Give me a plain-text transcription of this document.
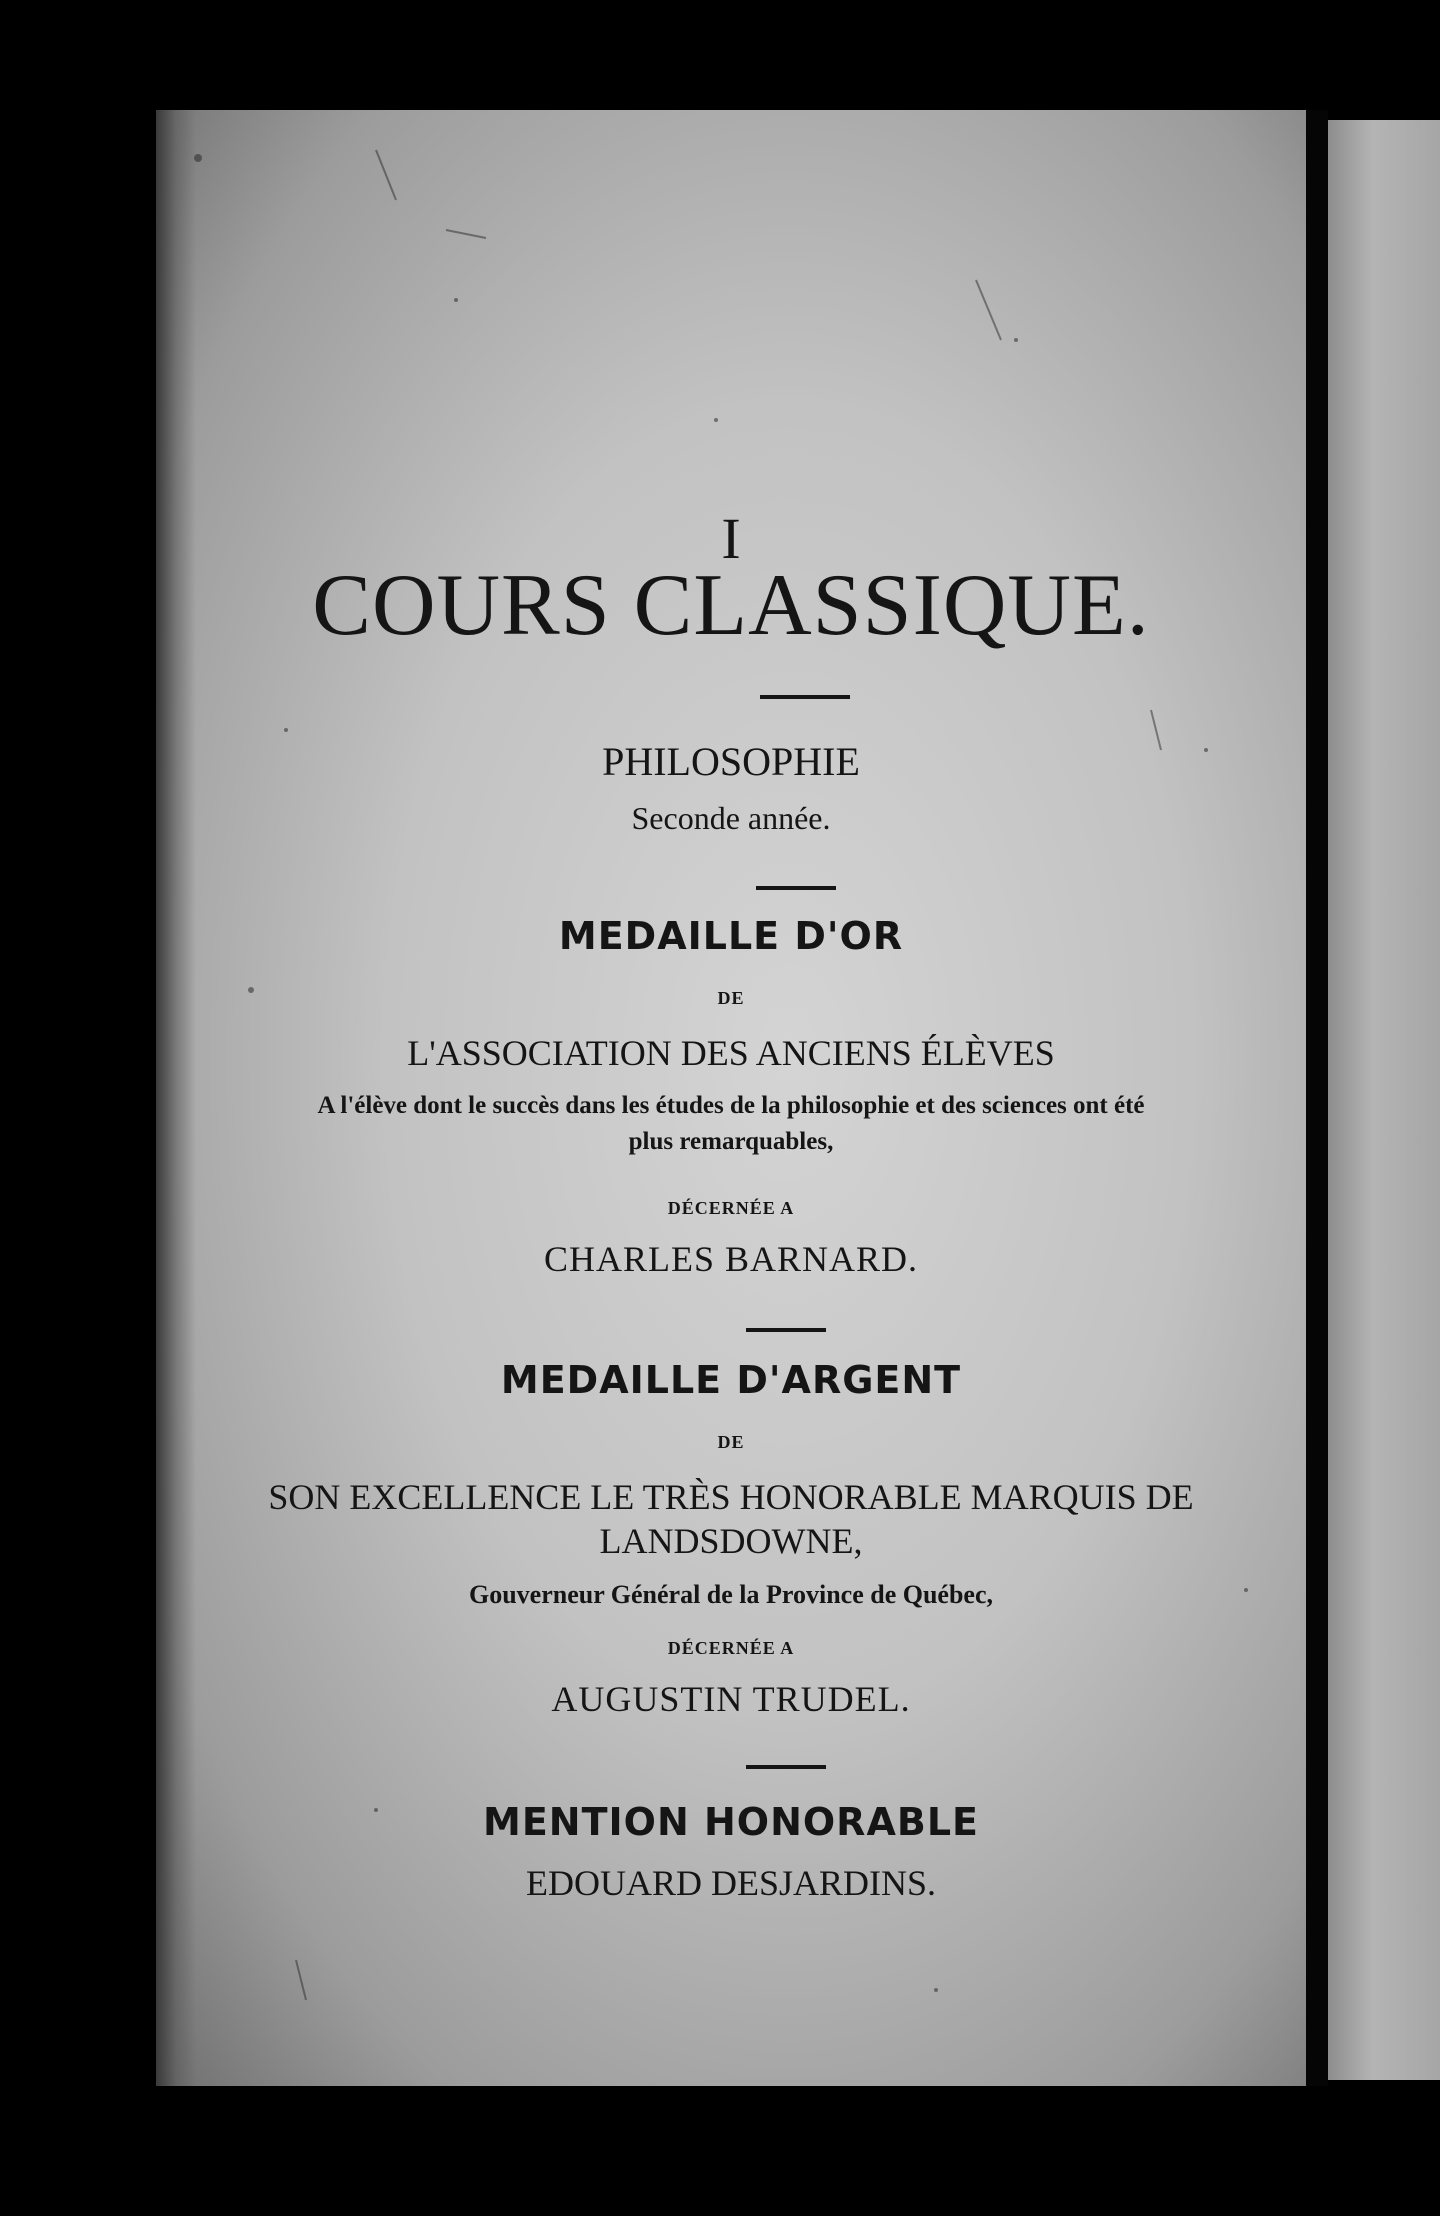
I
COURS CLASSIQUE.
PHILOSOPHIE
Seconde année.
MEDAILLE D'OR
DE
L'ASSOCIATION DES ANCIENS ÉLÈVES
A l'élève dont le succès dans les études de la philosophie et des sciences ont été
plus remarquables,
DÉCERNÉE A
CHARLES BARNARD.
MEDAILLE D'ARGENT
DE
SON EXCELLENCE LE TRÈS HONORABLE MARQUIS DE
LANDSDOWNE,
Gouverneur Général de la Province de Québec,
DÉCERNÉE A
AUGUSTIN TRUDEL.
MENTION HONORABLE
EDOUARD DESJARDINS.
